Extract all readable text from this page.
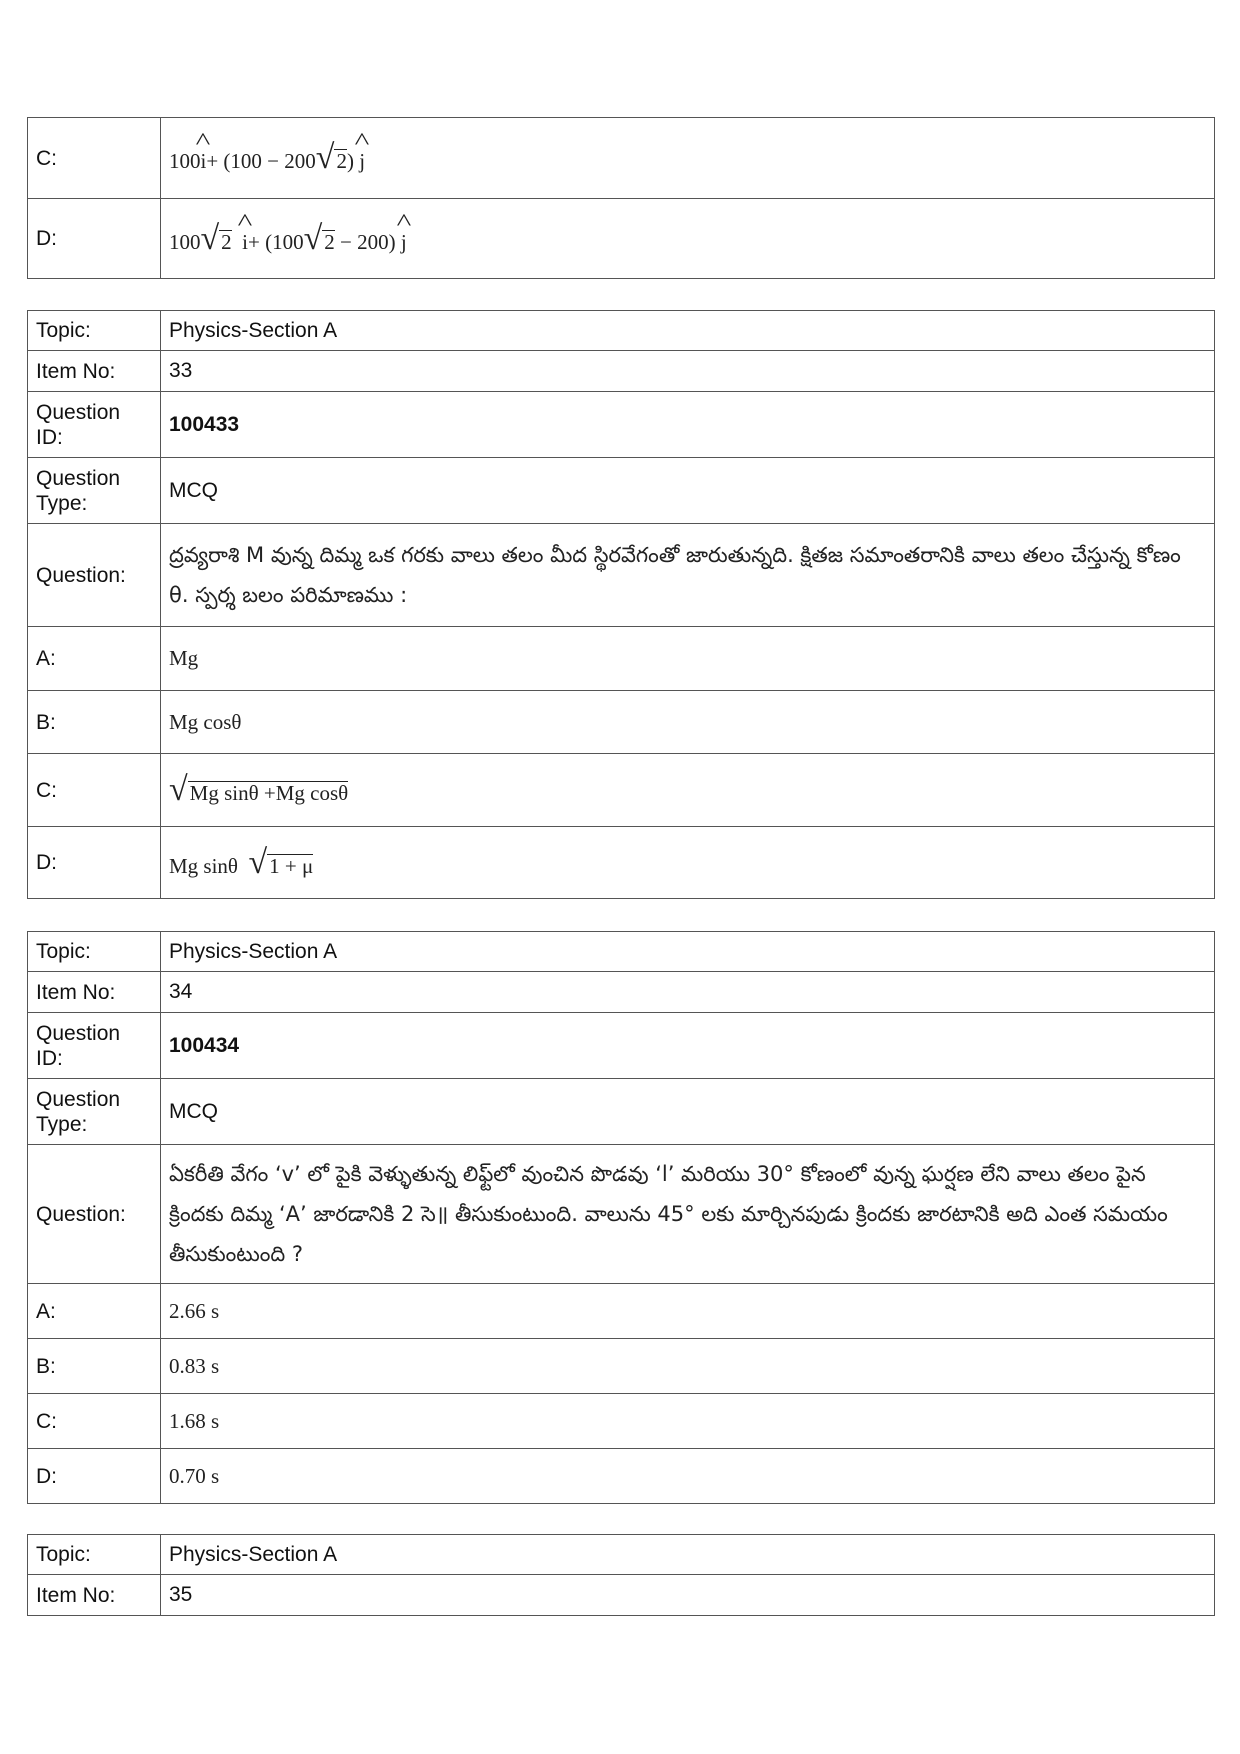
C:	100^ i+ (100 − 200√2) ^ j
D:	100√2 ^ i+ (100√2 − 200) ^ j
Topic:	Physics-Section A
Item No:	33
Question ID:	100433
Question Type:	MCQ
Question:	ద్రవ్యరాశి M వున్న దిమ్మ ఒక గరకు వాలు తలం మీద స్థిరవేగంతో జారుతున్నది. క్షితజ సమాంతరానికి వాలు తలం చేస్తున్న కోణం θ. స్పర్శ బలం పరిమాణము :
A:	Mg
B:	Mg cosθ
C:	√Mg sinθ +Mg cosθ
D:	Mg sinθ  √1 + μ
Topic:	Physics-Section A
Item No:	34
Question ID:	100434
Question Type:	MCQ
Question:	ఏకరీతి వేగం ‘v’ లో పైకి వెళ్ళుతున్న లిఫ్ట్‌లో వుంచిన పొడవు ‘l’ మరియు 30° కోణంలో వున్న ఘర్షణ లేని వాలు తలం పైన క్రిందకు దిమ్మ ‘A’ జారడానికి 2 సె॥ తీసుకుంటుంది. వాలును 45° లకు మార్చినపుడు క్రిందకు జారటానికి అది ఎంత సమయం తీసుకుంటుంది ?
A:	2.66 s
B:	0.83 s
C:	1.68 s
D:	0.70 s
Topic:	Physics-Section A
Item No:	35
